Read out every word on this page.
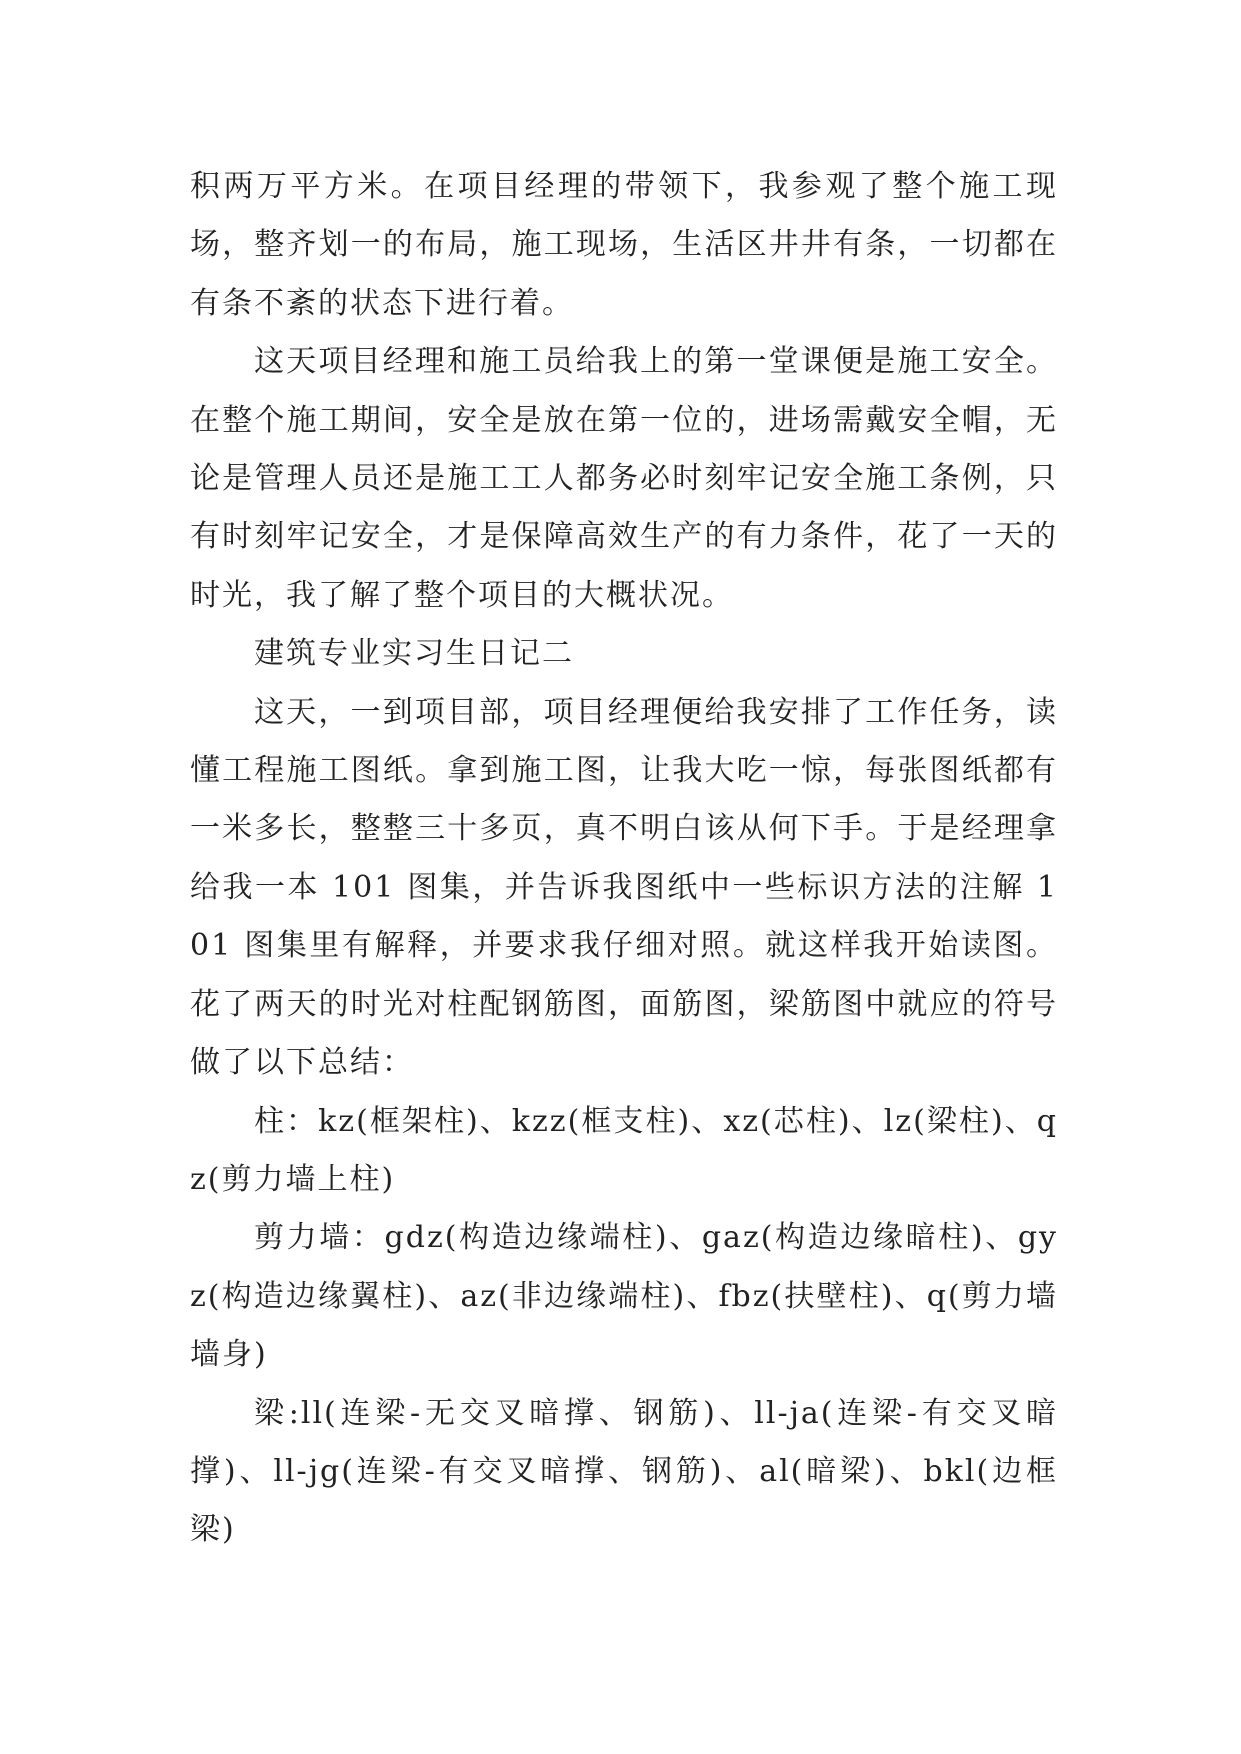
积两万平方米。在项目经理的带领下，我参观了整个施工现场，整齐划一的布局，施工现场，生活区井井有条，一切都在有条不紊的状态下进行着。

这天项目经理和施工员给我上的第一堂课便是施工安全。在整个施工期间，安全是放在第一位的，进场需戴安全帽，无论是管理人员还是施工工人都务必时刻牢记安全施工条例，只有时刻牢记安全，才是保障高效生产的有力条件，花了一天的时光，我了解了整个项目的大概状况。

建筑专业实习生日记二

这天，一到项目部，项目经理便给我安排了工作任务，读懂工程施工图纸。拿到施工图，让我大吃一惊，每张图纸都有一米多长，整整三十多页，真不明白该从何下手。于是经理拿给我一本 101 图集，并告诉我图纸中一些标识方法的注解 101 图集里有解释，并要求我仔细对照。就这样我开始读图。花了两天的时光对柱配钢筋图，面筋图，梁筋图中就应的符号做了以下总结：

柱：kz(框架柱)、kzz(框支柱)、xz(芯柱)、lz(梁柱)、qz(剪力墙上柱)

剪力墙：gdz(构造边缘端柱)、gaz(构造边缘暗柱)、gyz(构造边缘翼柱)、az(非边缘端柱)、fbz(扶壁柱)、q(剪力墙墙身)

梁:ll(连梁-无交叉暗撑、钢筋)、ll-ja(连梁-有交叉暗撑)、ll-jg(连梁-有交叉暗撑、钢筋)、al(暗梁)、bkl(边框梁)
